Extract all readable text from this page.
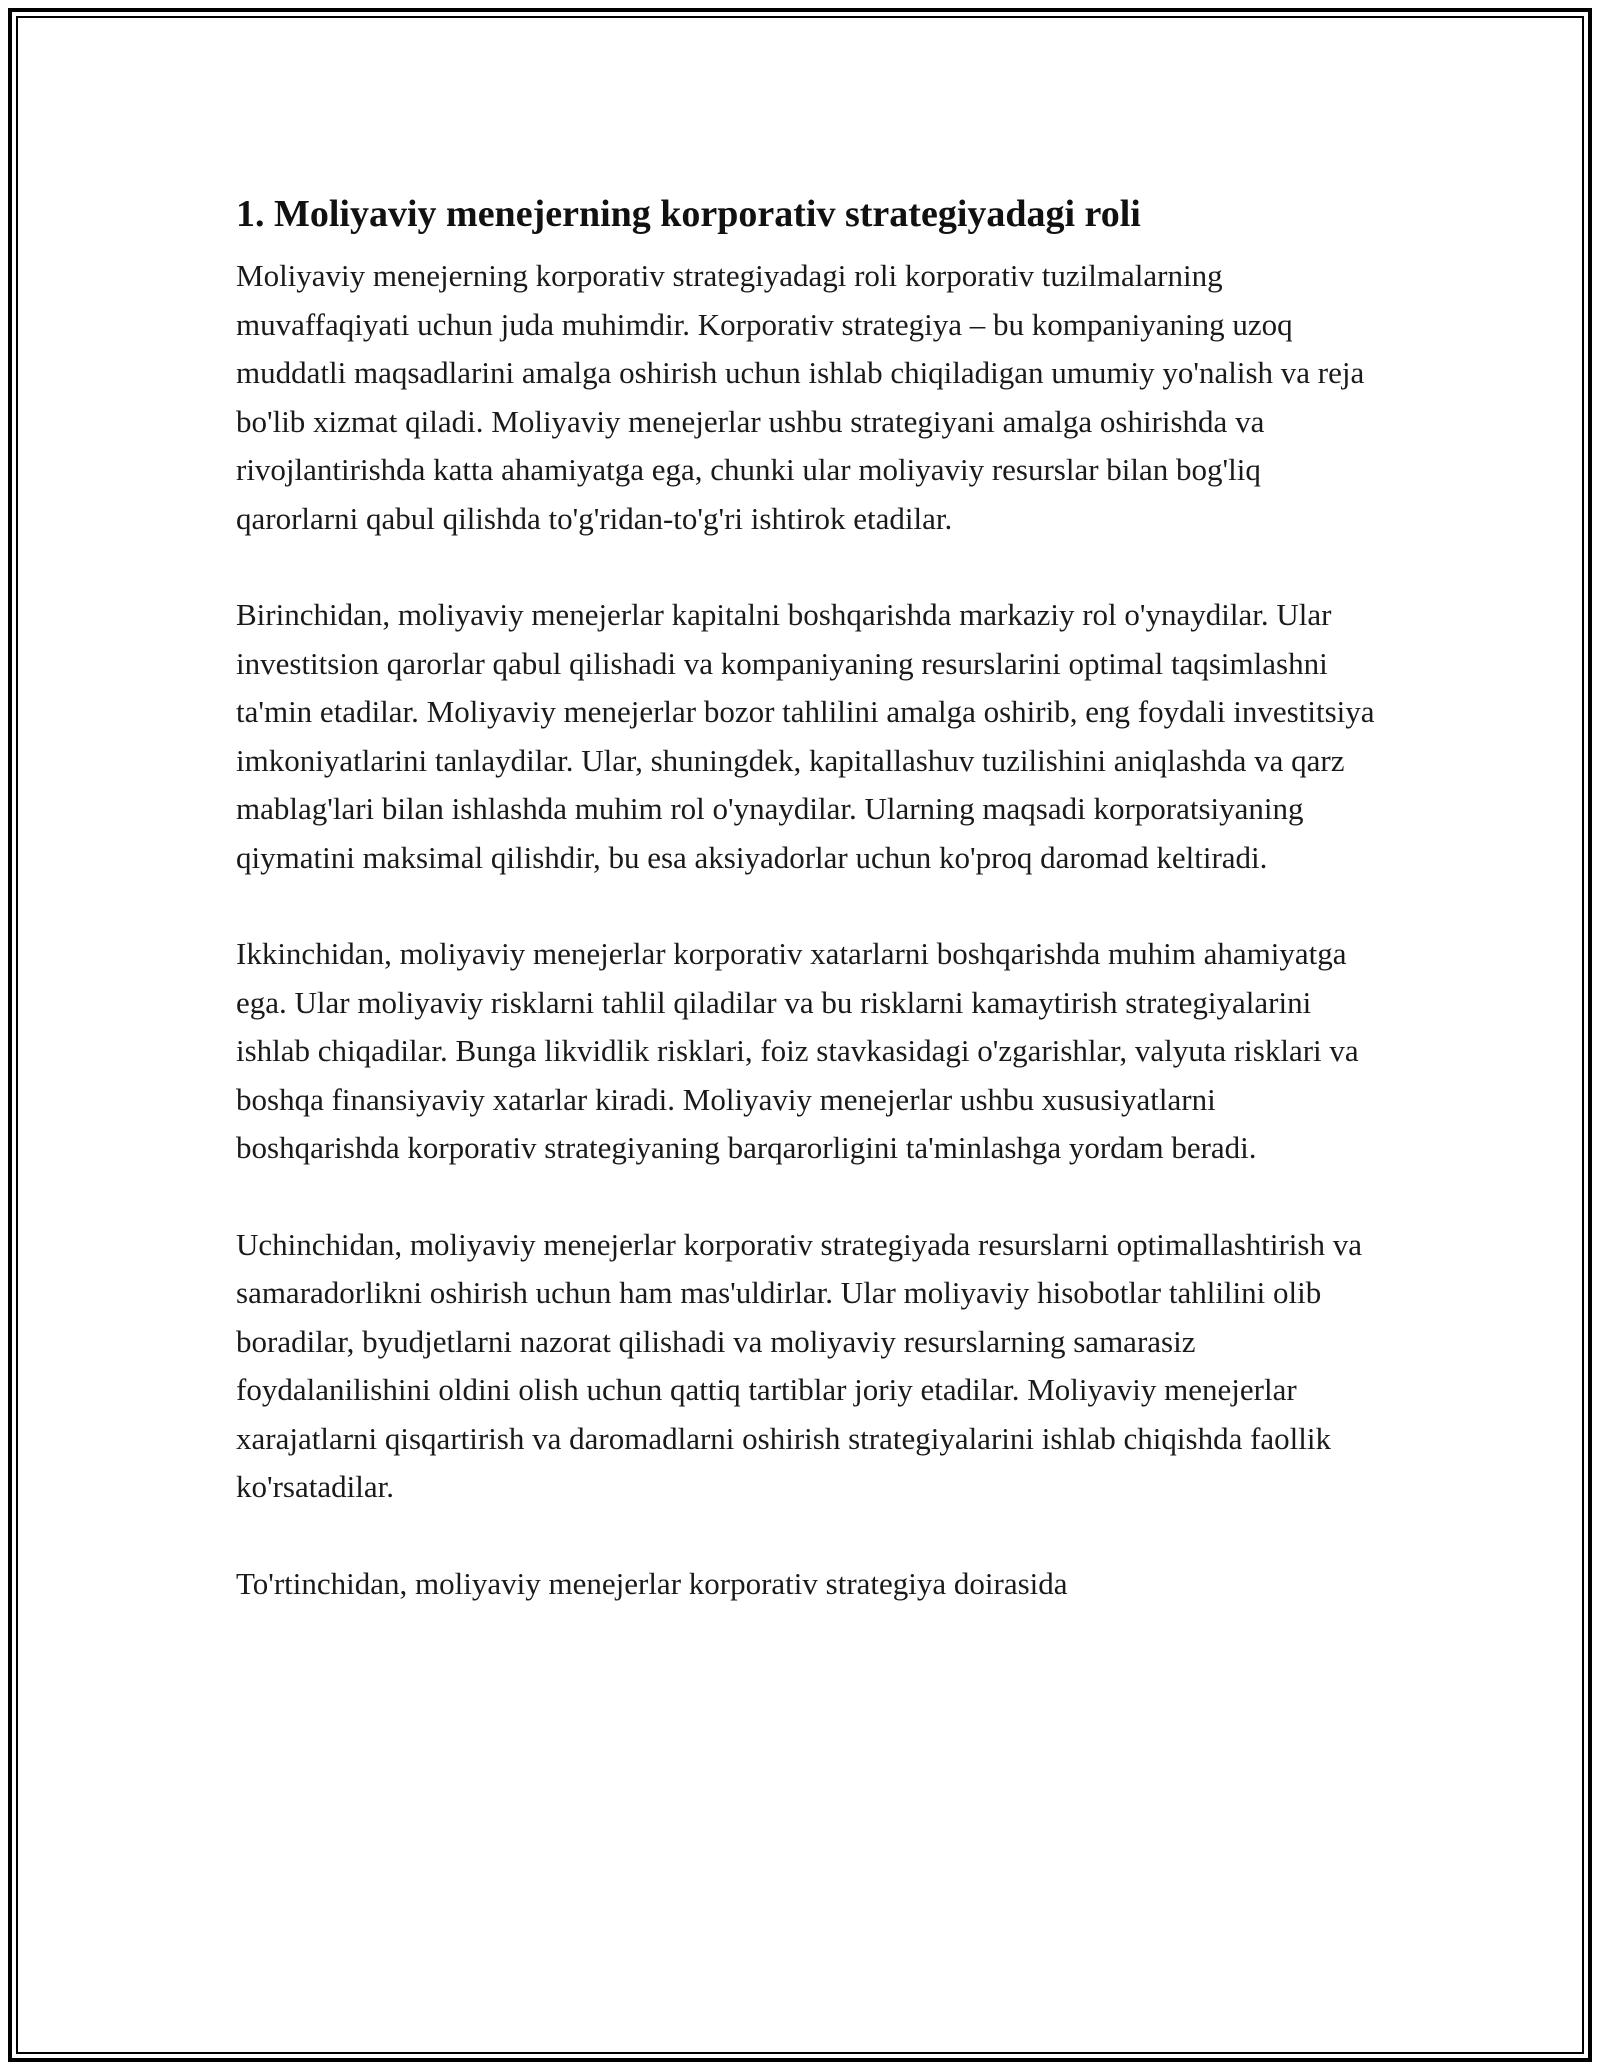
1. Moliyaviy menejerning korporativ strategiyadagi roli

Moliyaviy menejerning korporativ strategiyadagi roli korporativ tuzilmalarning muvaffaqiyati uchun juda muhimdir. Korporativ strategiya – bu kompaniyaning uzoq muddatli maqsadlarini amalga oshirish uchun ishlab chiqiladigan umumiy yo'nalish va reja bo'lib xizmat qiladi. Moliyaviy menejerlar ushbu strategiyani amalga oshirishda va rivojlantirishda katta ahamiyatga ega, chunki ular moliyaviy resurslar bilan bog'liq qarorlarni qabul qilishda to'g'ridan-to'g'ri ishtirok etadilar.

Birinchidan, moliyaviy menejerlar kapitalni boshqarishda markaziy rol o'ynaydilar. Ular investitsion qarorlar qabul qilishadi va kompaniyaning resurslarini optimal taqsimlashni ta'min etadilar. Moliyaviy menejerlar bozor tahlilini amalga oshirib, eng foydali investitsiya imkoniyatlarini tanlaydilar. Ular, shuningdek, kapitallashuv tuzilishini aniqlashda va qarz mablag'lari bilan ishlashda muhim rol o'ynaydilar. Ularning maqsadi korporatsiyaning qiymatini maksimal qilishdir, bu esa aksiyadorlar uchun ko'proq daromad keltiradi.

Ikkinchidan, moliyaviy menejerlar korporativ xatarlarni boshqarishda muhim ahamiyatga ega. Ular moliyaviy risklarni tahlil qiladilar va bu risklarni kamaytirish strategiyalarini ishlab chiqadilar. Bunga likvidlik risklari, foiz stavkasidagi o'zgarishlar, valyuta risklari va boshqa finansiyaviy xatarlar kiradi. Moliyaviy menejerlar ushbu xususiyatlarni boshqarishda korporativ strategiyaning barqarorligini ta'minlashga yordam beradi.

Uchinchidan, moliyaviy menejerlar korporativ strategiyada resurslarni optimallashtirish va samaradorlikni oshirish uchun ham mas'uldirlar. Ular moliyaviy hisobotlar tahlilini olib boradilar, byudjetlarni nazorat qilishadi va moliyaviy resurslarning samarasiz foydalanilishini oldini olish uchun qattiq tartiblar joriy etadilar. Moliyaviy menejerlar xarajatlarni qisqartirish va daromadlarni oshirish strategiyalarini ishlab chiqishda faollik ko'rsatadilar.

To'rtinchidan, moliyaviy menejerlar korporativ strategiya doirasida
